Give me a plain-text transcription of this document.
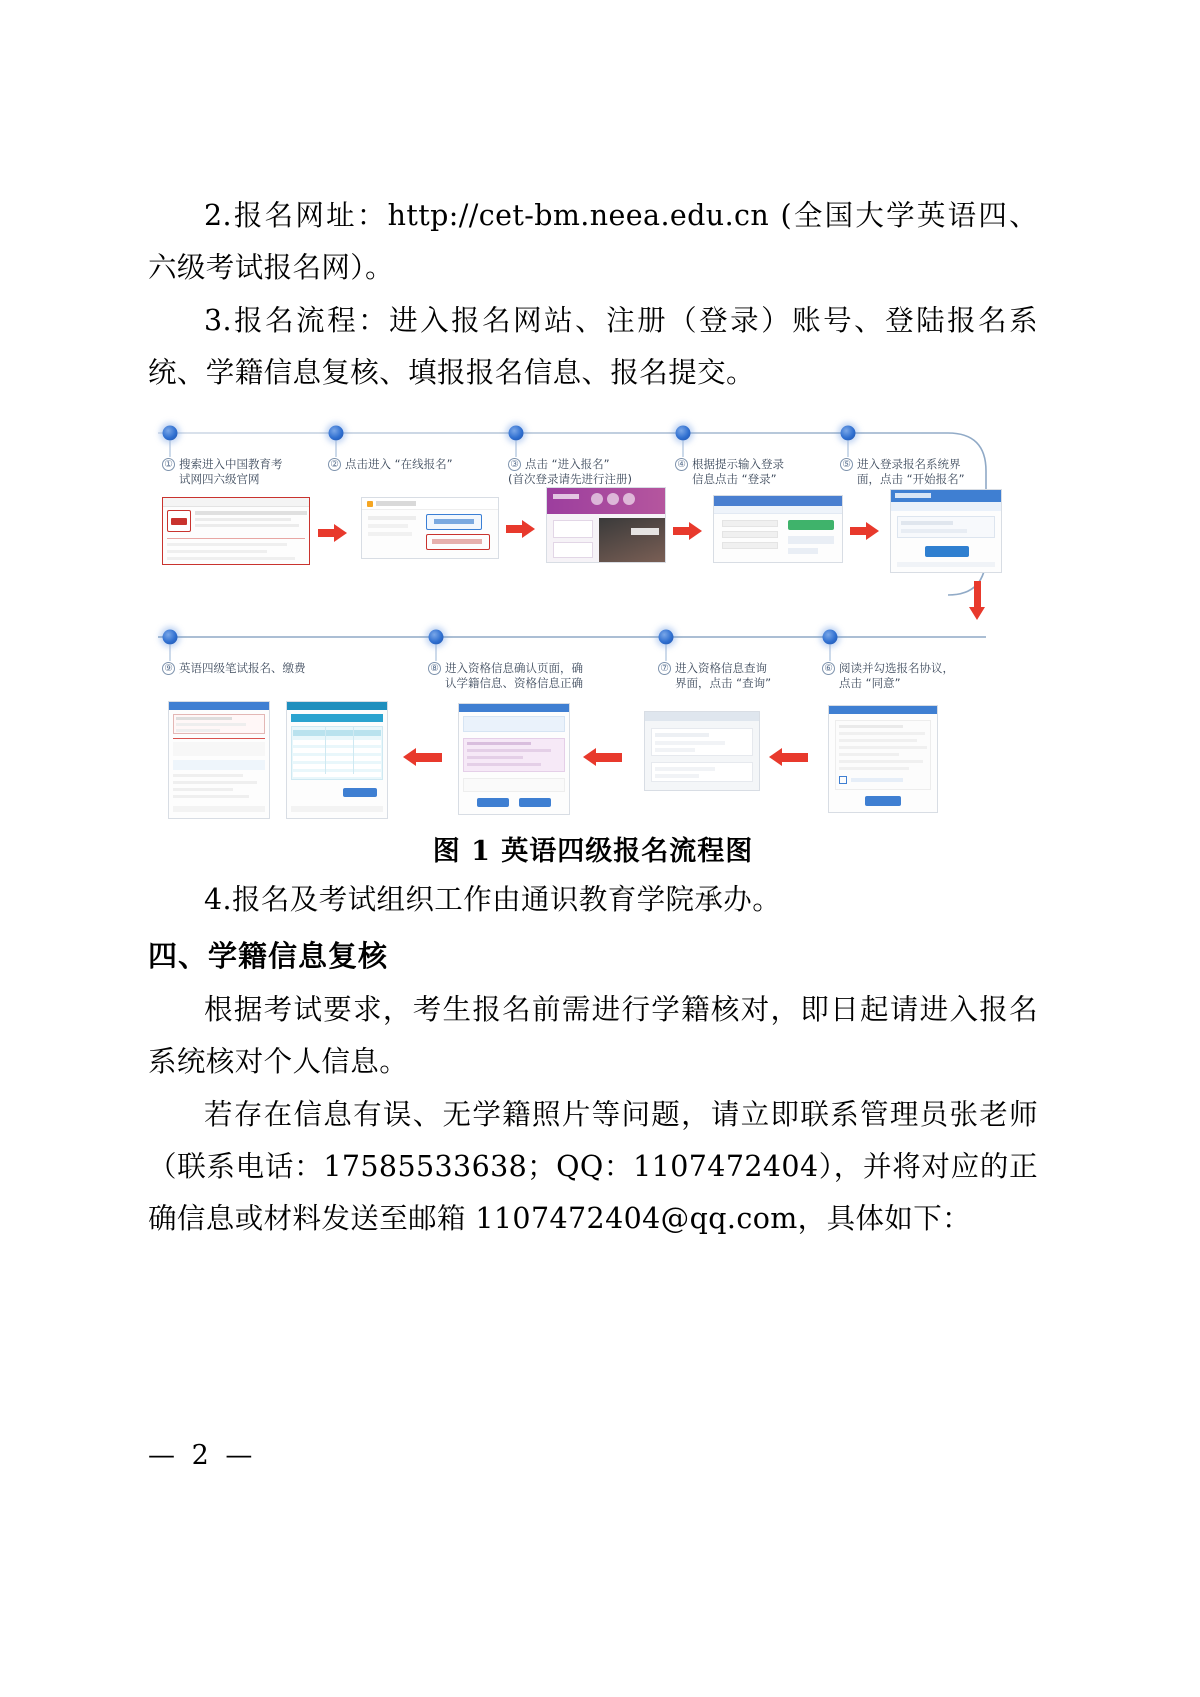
2.报名网址：http://cet-bm.neea.edu.cn (全国大学英语四、六级考试报名网）。

3.报名流程：进入报名网站、注册（登录）账号、登陆报名系统、学籍信息复核、填报报名信息、报名提交。

① 搜索进入中国教育考
试网四六级官网
② 点击进入 “在线报名”	③ 点击 “进入报名”
(首次登录请先进行注册)
④ 根据提示输入登录
信息点击 “登录”
⑤ 进入登录报名系统界
面，点击 “开始报名”
⑨ 英语四级笔试报名、缴费	⑧ 进入资格信息确认页面，确
认学籍信息、资格信息正确
⑦ 进入资格信息查询
界面，点击 “查询”
⑥ 阅读并勾选报名协议，
点击 “同意”
图 1 英语四级报名流程图

4.报名及考试组织工作由通识教育学院承办。

四、学籍信息复核

根据考试要求，考生报名前需进行学籍核对，即日起请进入报名系统核对个人信息。

若存在信息有误、无学籍照片等问题，请立即联系管理员张老师（联系电话：17585533638；QQ：1107472404），并将对应的正确信息或材料发送至邮箱 1107472404@qq.com，具体如下：

— 2 —
